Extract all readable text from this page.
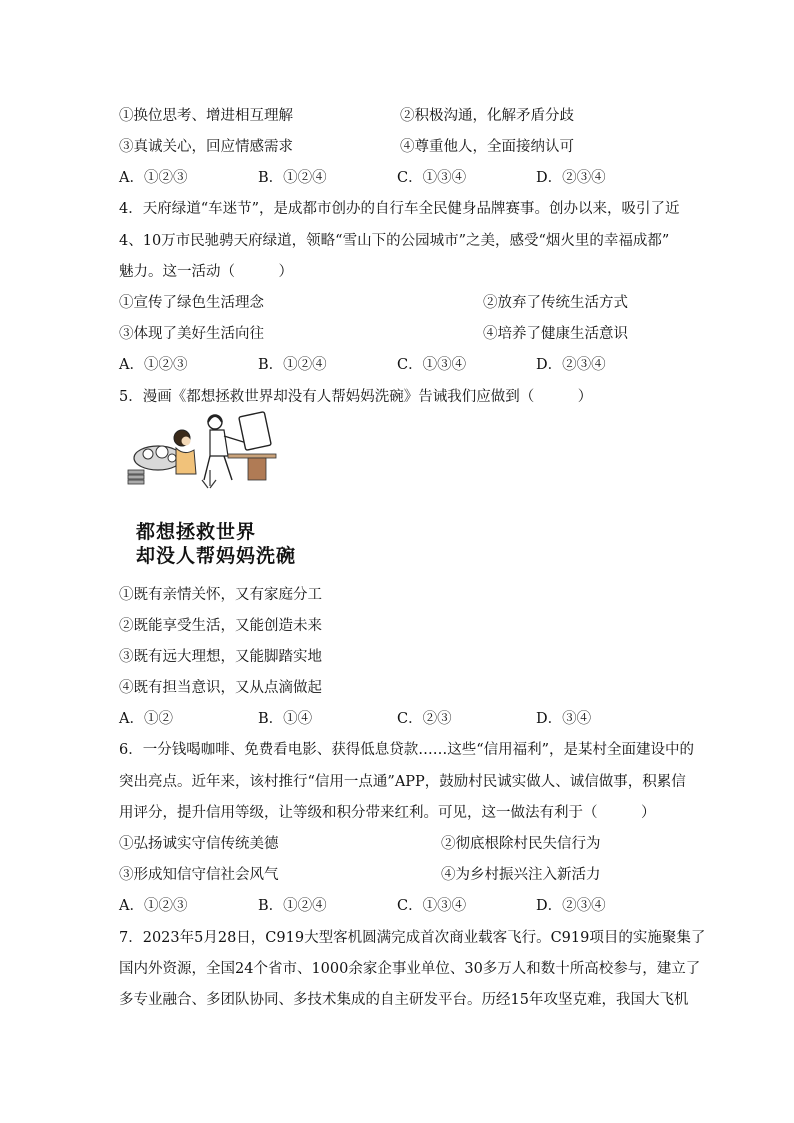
①换位思考、增进相互理解	②积极沟通，化解矛盾分歧
③真诚关心，回应情感需求	④尊重他人，全面接纳认可
A．①②③	B．①②④	C．①③④	D．②③④
4．天府绿道“车迷节”，是成都市创办的自行车全民健身品牌赛事。创办以来，吸引了近
4、10万市民驰骋天府绿道，领略“雪山下的公园城市”之美，感受“烟火里的幸福成都”
魅力。这一活动（　　　）
①宣传了绿色生活理念	②放弃了传统生活方式
③体现了美好生活向往	④培养了健康生活意识
A．①②③	B．①②④	C．①③④	D．②③④
5．漫画《都想拯救世界却没有人帮妈妈洗碗》告诫我们应做到（　　　）
都想拯救世界
却没人帮妈妈洗碗
①既有亲情关怀，又有家庭分工
②既能享受生活，又能创造未来
③既有远大理想，又能脚踏实地
④既有担当意识，又从点滴做起
A．①②	B．①④	C．②③	D．③④
6．一分钱喝咖啡、免费看电影、获得低息贷款……这些“信用福利”，是某村全面建设中的
突出亮点。近年来，该村推行“信用一点通”APP，鼓励村民诚实做人、诚信做事，积累信
用评分，提升信用等级，让等级和积分带来红利。可见，这一做法有利于（　　　）
①弘扬诚实守信传统美德	②彻底根除村民失信行为
③形成知信守信社会风气	④为乡村振兴注入新活力
A．①②③	B．①②④	C．①③④	D．②③④
7．2023年5月28日，C919大型客机圆满完成首次商业载客飞行。C919项目的实施聚集了
国内外资源，全国24个省市、1000余家企事业单位、30多万人和数十所高校参与，建立了
多专业融合、多团队协同、多技术集成的自主研发平台。历经15年攻坚克难，我国大飞机
